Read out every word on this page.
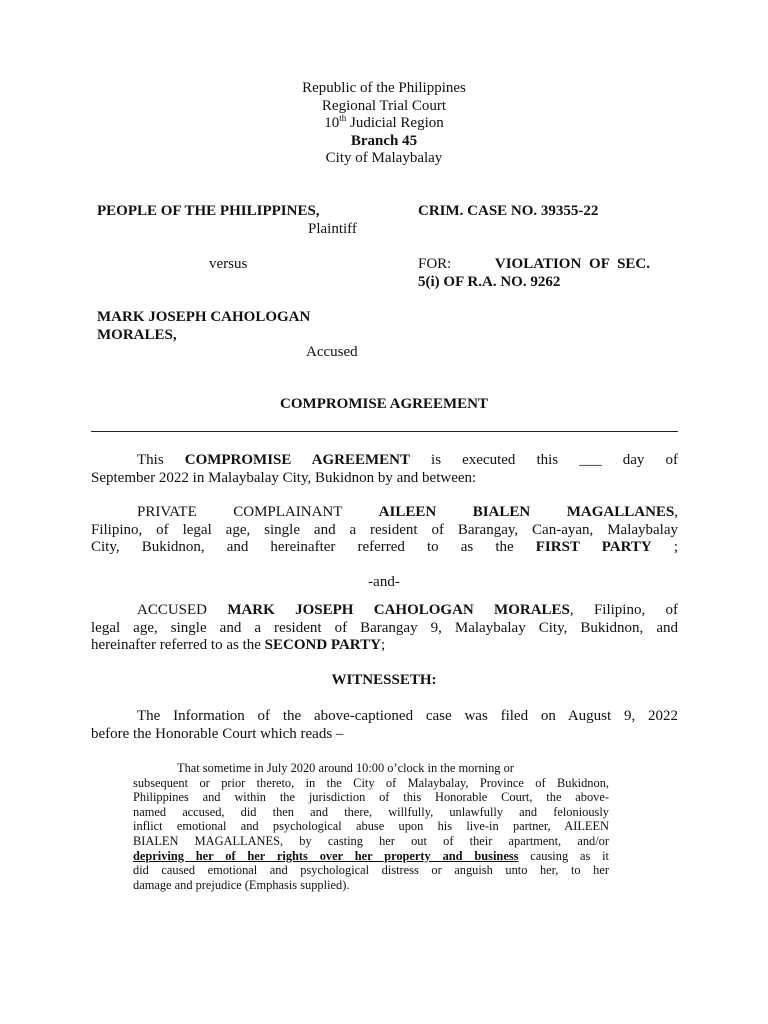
Republic of the Philippines
Regional Trial Court
10th Judicial Region
Branch 45
City of Malaybalay
PEOPLE OF THE PHILIPPINES,
Plaintiff
versus
MARK JOSEPH CAHOLOGAN
MORALES,
Accused
CRIM. CASE NO. 39355-22
FOR:	VIOLATION OF SEC.
5(i) OF R.A. NO. 9262
COMPROMISE AGREEMENT
This COMPROMISE AGREEMENT is executed this ___ day of
September 2022 in Malaybalay City, Bukidnon by and between:
PRIVATE COMPLAINANT AILEEN BIALEN MAGALLANES,
Filipino, of legal age, single and a resident of Barangay, Can-ayan, Malaybalay
City, Bukidnon, and hereinafter referred to as the FIRST PARTY ;
-and-
ACCUSED MARK JOSEPH CAHOLOGAN MORALES, Filipino, of
legal age, single and a resident of Barangay 9, Malaybalay City, Bukidnon, and
hereinafter referred to as the SECOND PARTY;
WITNESSETH:
The Information of the above-captioned case was filed on August 9, 2022
before the Honorable Court which reads –
That sometime in July 2020 around 10:00 o’clock in the morning or
subsequent or prior thereto, in the City of Malaybalay, Province of Bukidnon,
Philippines and within the jurisdiction of this Honorable Court, the above-
named accused, did then and there, willfully, unlawfully and feloniously
inflict emotional and psychological abuse upon his live-in partner, AILEEN
BIALEN MAGALLANES, by casting her out of their apartment, and/or
depriving her of her rights over her property and business causing as it
did caused emotional and psychological distress or anguish unto her, to her
damage and prejudice (Emphasis supplied).
